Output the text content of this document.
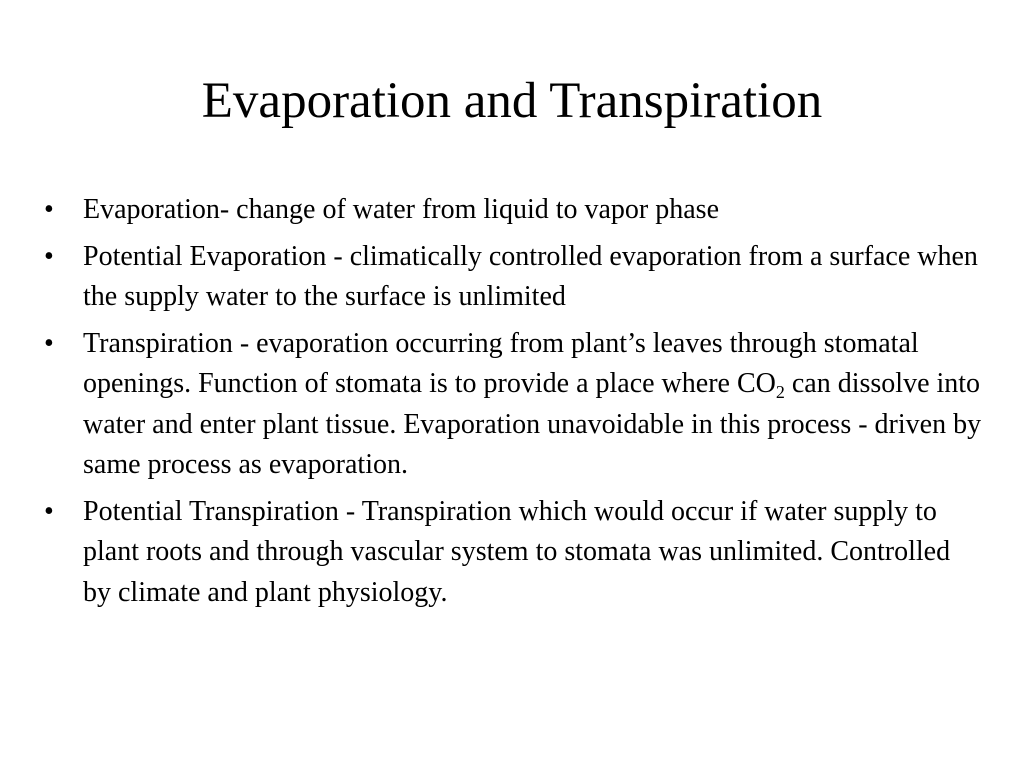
Evaporation and Transpiration
•	Evaporation- change of water from liquid to vapor phase
•	Potential Evaporation - climatically controlled evaporation from a surface when the supply water to the surface is unlimited
•	Transpiration - evaporation occurring from plant’s leaves through stomatal openings. Function of stomata is to provide a place where $CO_2$ can dissolve into water and enter plant tissue. Evaporation unavoidable in this process - driven by same process as evaporation.
•	Potential Transpiration - Transpiration which would occur if water supply to plant roots and through vascular system to stomata was unlimited. Controlled by climate and plant physiology.
